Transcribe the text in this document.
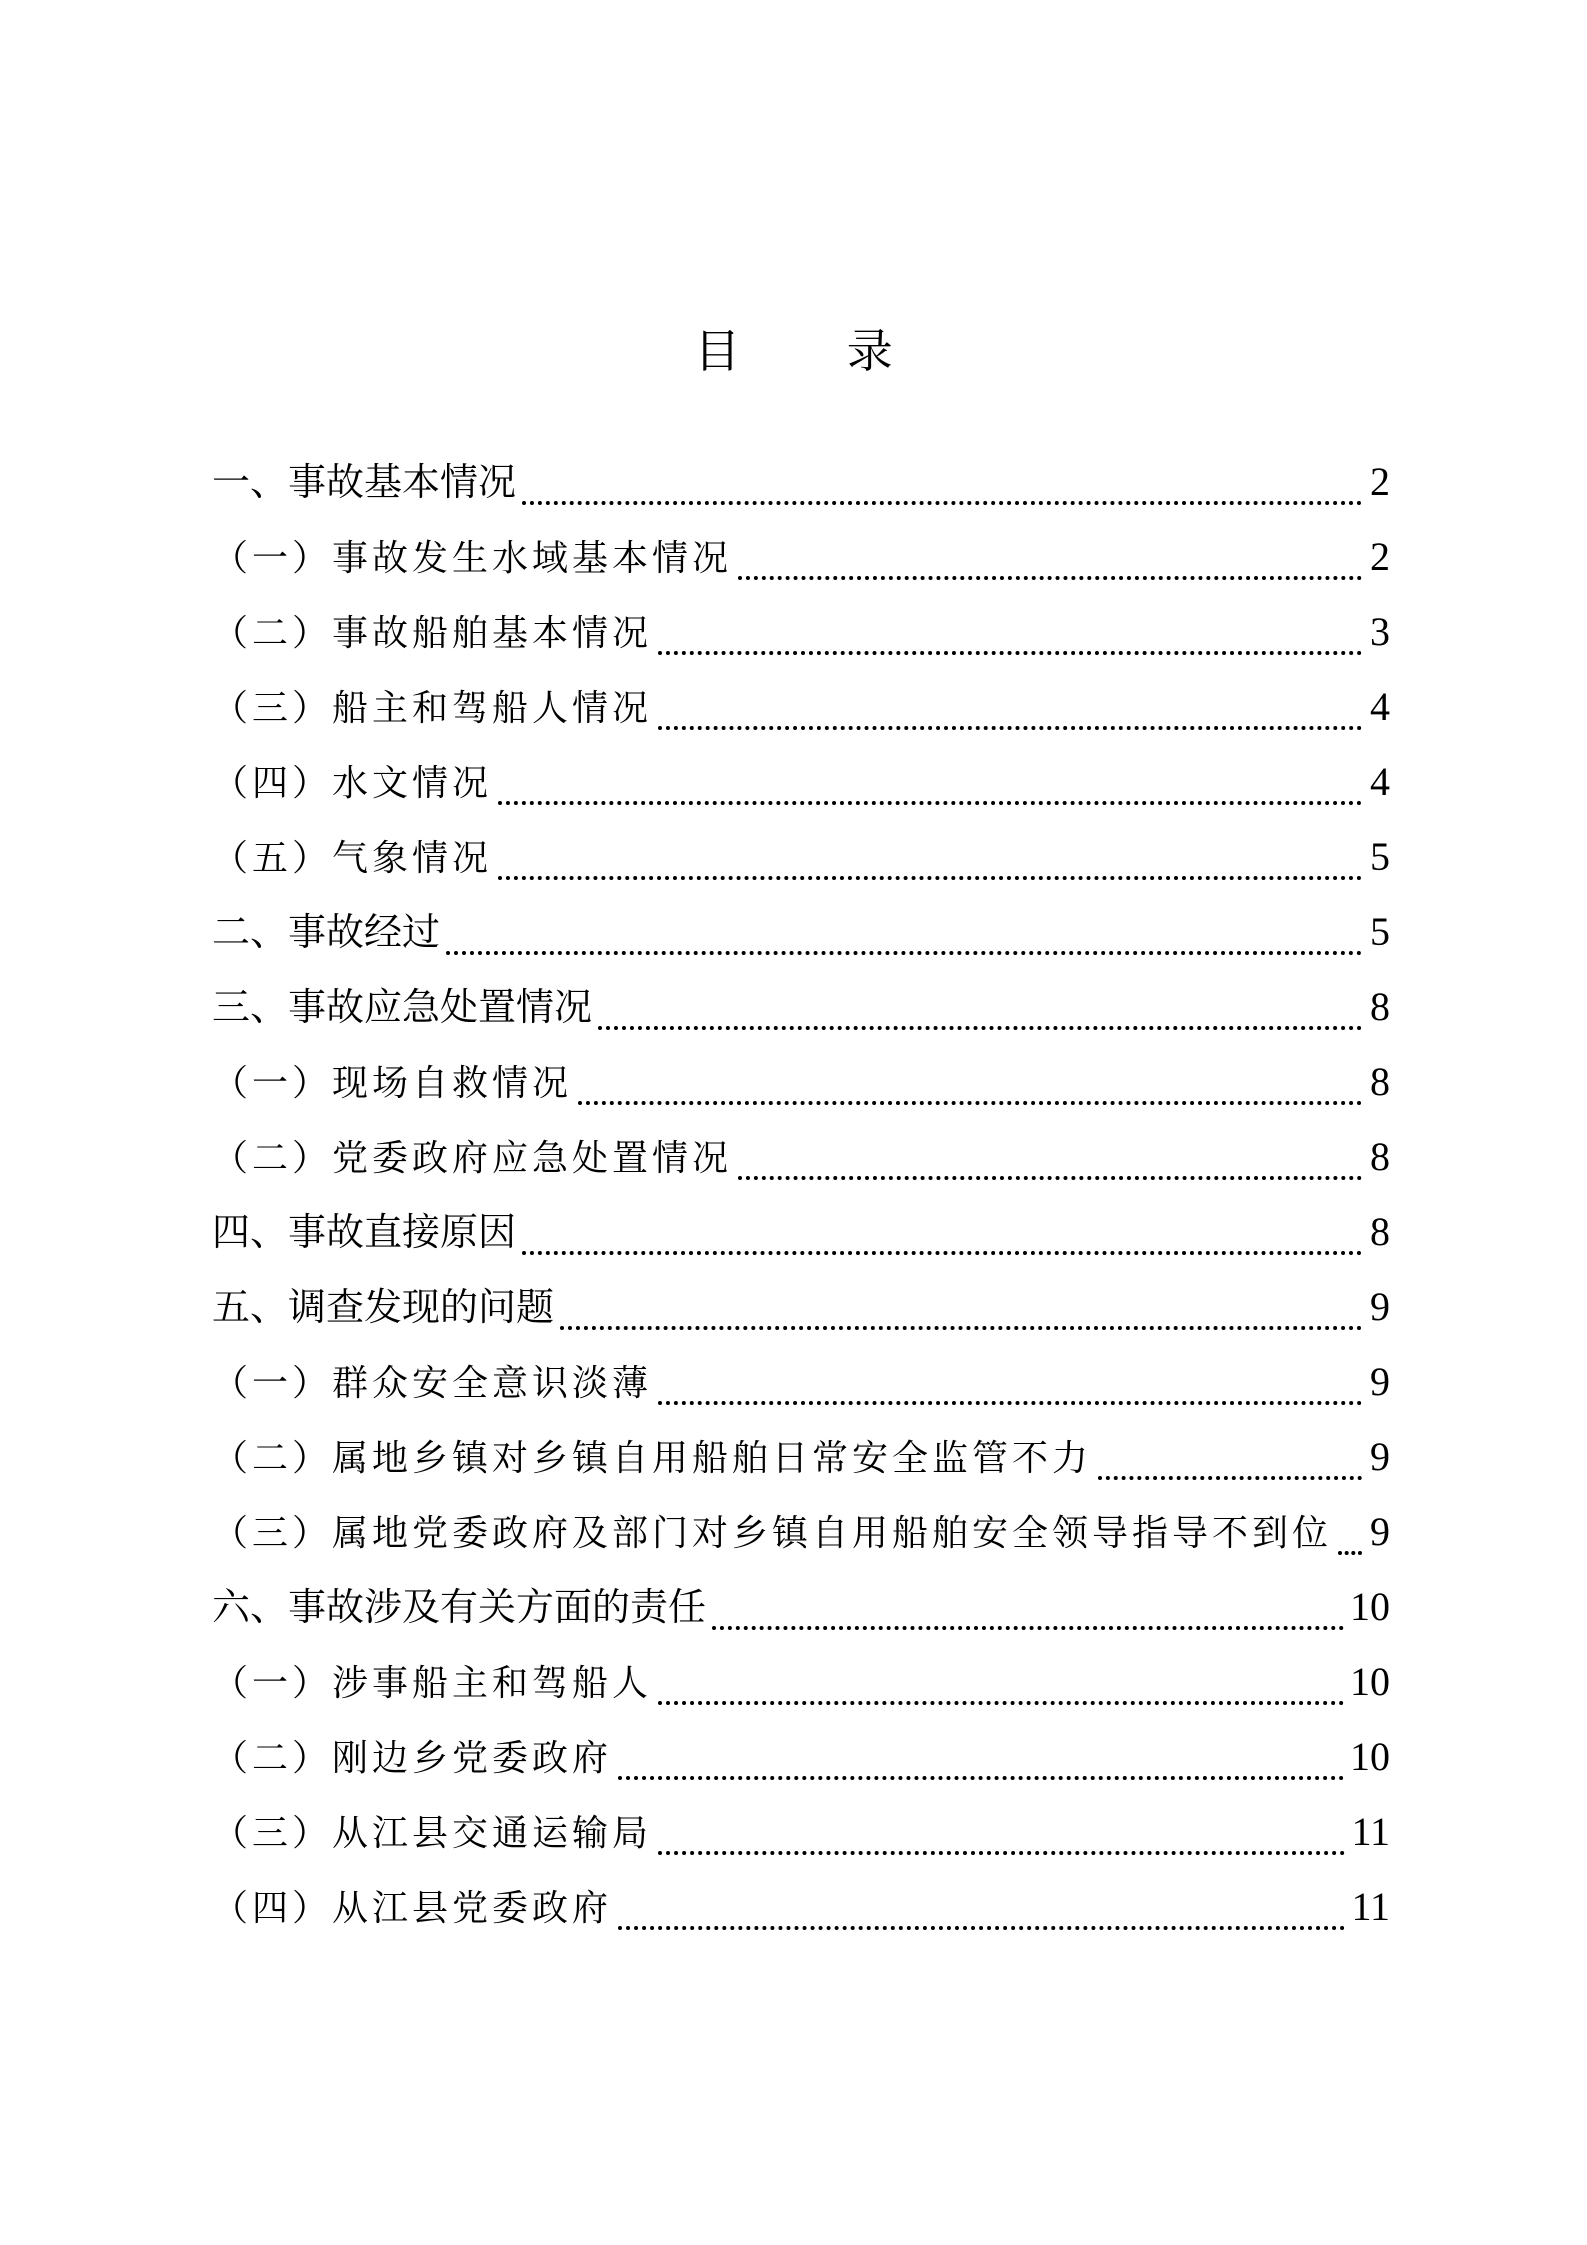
目 录
一、事故基本情况	2
（一）事故发生水域基本情况	2
（二）事故船舶基本情况	3
（三）船主和驾船人情况	4
（四）水文情况	4
（五）气象情况	5
二、事故经过	5
三、事故应急处置情况	8
（一）现场自救情况	8
（二）党委政府应急处置情况	8
四、事故直接原因	8
五、调查发现的问题	9
（一）群众安全意识淡薄	9
（二）属地乡镇对乡镇自用船舶日常安全监管不力	9
（三）属地党委政府及部门对乡镇自用船舶安全领导指导不到位 9
六、事故涉及有关方面的责任	10
（一）涉事船主和驾船人	10
（二）刚边乡党委政府	10
（三）从江县交通运输局	11
（四）从江县党委政府	11
